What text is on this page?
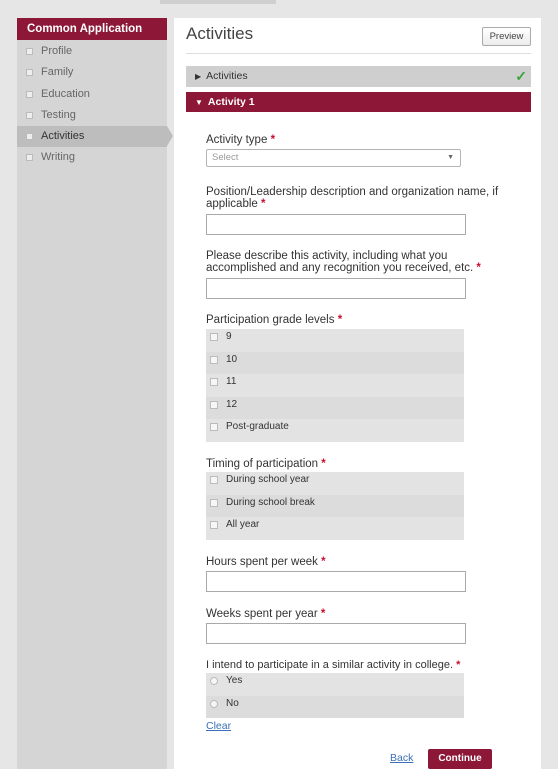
Common Application
Profile
Family
Education
Testing
Activities
Writing
Activities	Preview
▶ Activities	✓
▼ Activity 1
Activity type *
Select	▼
Position/Leadership description and organization name, if applicable *
Please describe this activity, including what you accomplished and any recognition you received, etc. *
Participation grade levels *
9
10
11
12
Post-graduate
Timing of participation *
During school year
During school break
All year
Hours spent per week *
Weeks spent per year *
I intend to participate in a similar activity in college. *
Yes
No
Clear
Back	Continue
